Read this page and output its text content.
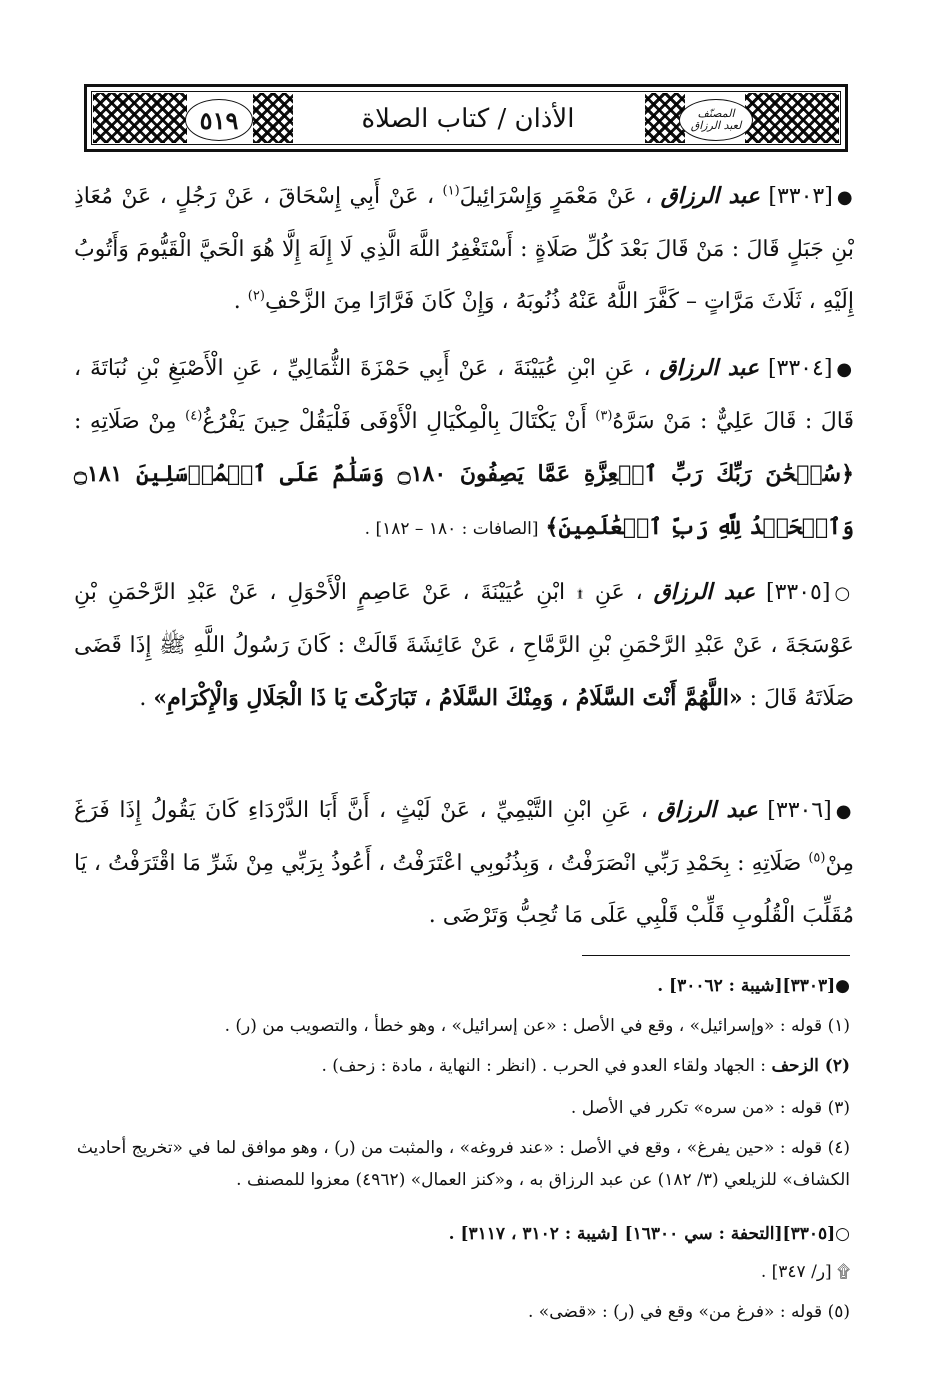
المصنّف
لعبد الرزاق
الأذان / كتاب الصلاة
٥١٩
●[٣٣٠٣] عبد الرزاق ، عَنْ مَعْمَرٍ وَإِسْرَائِيلَ$^{(١)}$ ، عَنْ أَبِي إِسْحَاقَ ، عَنْ رَجُلٍ ، عَنْ مُعَاذِ بْنِ جَبَلٍ قَالَ : مَنْ قَالَ بَعْدَ كُلِّ صَلَاةٍ : أَسْتَغْفِرُ اللَّهَ الَّذِي لَا إِلَهَ إِلَّا هُوَ الْحَيَّ الْقَيُّومَ وَأَتُوبُ إِلَيْهِ ، ثَلَاثَ مَرَّاتٍ – كَفَّرَ اللَّهُ عَنْهُ ذُنُوبَهُ ، وَإِنْ كَانَ فَرَّارًا مِنَ الزَّحْفِ$^{(٢)}$ .
●[٣٣٠٤] عبد الرزاق ، عَنِ ابْنِ عُيَيْنَةَ ، عَنْ أَبِي حَمْزَةَ الثُّمَالِيِّ ، عَنِ الْأَصْبَغِ بْنِ نُبَاتَةَ ، قَالَ : قَالَ عَلِيٌّ : مَنْ سَرَّهُ$^{(٣)}$ أَنْ يَكْتَالَ بِالْمِكْيَالِ الْأَوْفَى فَلْيَقُلْ حِينَ يَفْرُغُ$^{(٤)}$ مِنْ صَلَاتِهِ : ﴿سُبۡحَٰنَ رَبِّكَ رَبِّ ٱلۡعِزَّةِ عَمَّا يَصِفُونَ ۝١٨٠ وَسَلَٰمٌ عَلَى ٱلۡمُرۡسَلِينَ ۝١٨١ وَٱلۡحَمۡدُ لِلَّهِ رَبِّ ٱلۡعَٰلَمِينَ﴾ [الصافات : ١٨٠ – ١٨٢] .
○[٣٣٠٥] عبد الرزاق ، عَنِ ۩ ابْنِ عُيَيْنَةَ ، عَنْ عَاصِمٍ الْأَحْوَلِ ، عَنْ عَبْدِ الرَّحْمَنِ بْنِ عَوْسَجَةَ ، عَنْ عَبْدِ الرَّحْمَنِ بْنِ الرَّمَّاحِ ، عَنْ عَائِشَةَ قَالَتْ : كَانَ رَسُولُ اللَّهِ ﷺ إِذَا قَضَى صَلَاتَهُ قَالَ : «اللَّهُمَّ أَنْتَ السَّلَامُ ، وَمِنْكَ السَّلَامُ ، تَبَارَكْتَ يَا ذَا الْجَلَالِ وَالْإِكْرَامِ» .
●[٣٣٠٦] عبد الرزاق ، عَنِ ابْنِ التَّيْمِيِّ ، عَنْ لَيْثٍ ، أَنَّ أَبَا الدَّرْدَاءِ كَانَ يَقُولُ إِذَا فَرَغَ مِنْ$^{(٥)}$ صَلَاتِهِ : بِحَمْدِ رَبِّي انْصَرَفْتُ ، وَبِذُنُوبِي اعْتَرَفْتُ ، أَعُوذُ بِرَبِّي مِنْ شَرِّ مَا اقْتَرَفْتُ ، يَا مُقَلِّبَ الْقُلُوبِ قَلِّبْ قَلْبِي عَلَى مَا تُحِبُّ وَتَرْضَى .
●[٣٣٠٣][شيبة : ٣٠٠٦٢] .
(١) قوله : «وإسرائيل» ، وقع في الأصل : «عن إسرائيل» ، وهو خطأ ، والتصويب من (ر) .
(٢) الزحف : الجهاد ولقاء العدو في الحرب . (انظر : النهاية ، مادة : زحف) .
(٣) قوله : «من سره» تكرر في الأصل .
(٤) قوله : «حين يفرغ» ، وقع في الأصل : «عند فروغه» ، والمثبت من (ر) ، وهو موافق لما في «تخريج أحاديث الكشاف» للزيلعي (٣/ ١٨٢) عن عبد الرزاق به ، و«كنز العمال» (٤٩٦٢) معزوا للمصنف .
○[٣٣٠٥][التحفة : سي ١٦٣٠٠] [شيبة : ٣١٠٢ ، ٣١١٧] .
۩ [ر/ ٣٤٧] .
(٥) قوله : «فرغ من» وقع في (ر) : «قضى» .
